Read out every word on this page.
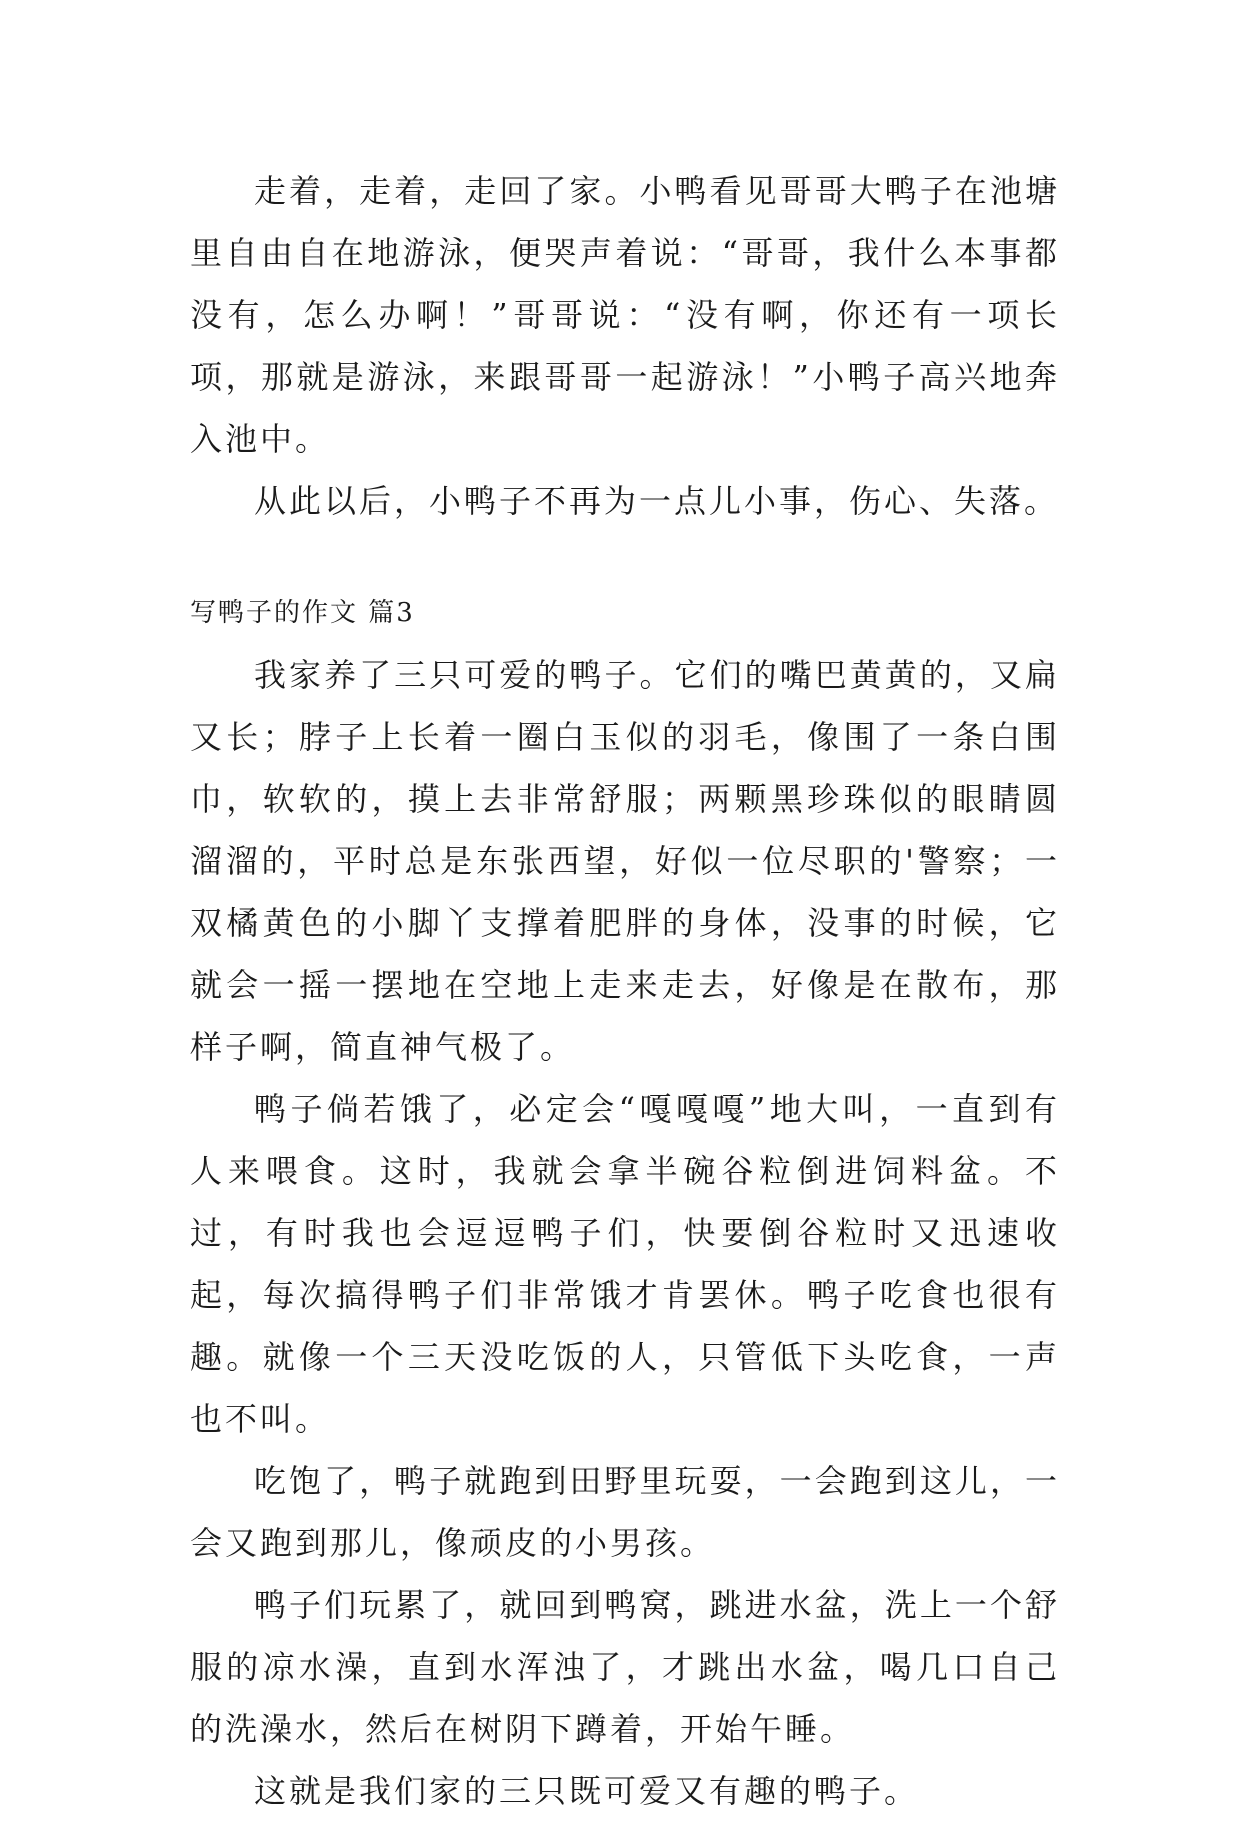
走着，走着，走回了家。小鸭看见哥哥大鸭子在池塘里自由自在地游泳，便哭声着说：“哥哥，我什么本事都没有，怎么办啊！”哥哥说：“没有啊，你还有一项长项，那就是游泳，来跟哥哥一起游泳！”小鸭子高兴地奔入池中。

从此以后，小鸭子不再为一点儿小事，伤心、失落。

写鸭子的作文 篇3

我家养了三只可爱的鸭子。它们的嘴巴黄黄的，又扁又长；脖子上长着一圈白玉似的羽毛，像围了一条白围巾，软软的，摸上去非常舒服；两颗黑珍珠似的眼睛圆溜溜的，平时总是东张西望，好似一位尽职的'警察；一双橘黄色的小脚丫支撑着肥胖的身体，没事的时候，它就会一摇一摆地在空地上走来走去，好像是在散布，那样子啊，简直神气极了。

鸭子倘若饿了，必定会“嘎嘎嘎”地大叫，一直到有人来喂食。这时，我就会拿半碗谷粒倒进饲料盆。不过，有时我也会逗逗鸭子们，快要倒谷粒时又迅速收起，每次搞得鸭子们非常饿才肯罢休。鸭子吃食也很有趣。就像一个三天没吃饭的人，只管低下头吃食，一声也不叫。

吃饱了，鸭子就跑到田野里玩耍，一会跑到这儿，一会又跑到那儿，像顽皮的小男孩。

鸭子们玩累了，就回到鸭窝，跳进水盆，洗上一个舒服的凉水澡，直到水浑浊了，才跳出水盆，喝几口自己的洗澡水，然后在树阴下蹲着，开始午睡。

这就是我们家的三只既可爱又有趣的鸭子。
